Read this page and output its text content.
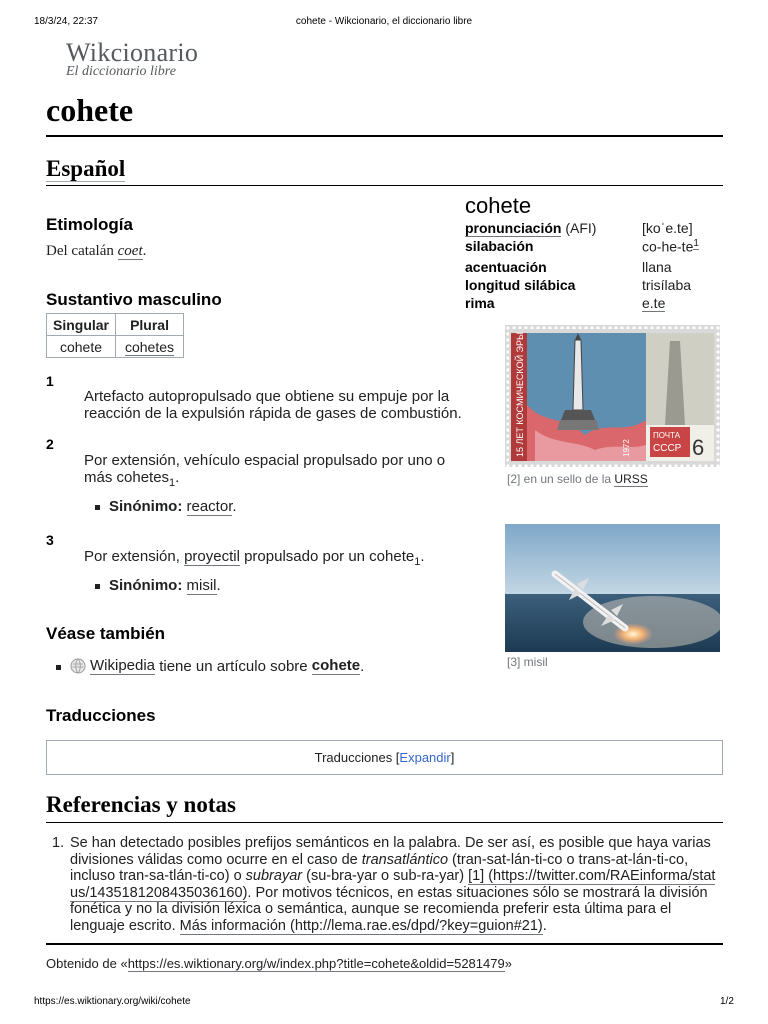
18/3/24, 22:37	cohete - Wikcionario, el diccionario libre
Wikcionario
El diccionario libre
cohete
Español
Etimología
Del catalán coet.
Sustantivo masculino
Singular	Plural
cohete	cohetes
1
Artefacto autopropulsado que obtiene su empuje por la reacción de la expulsión rápida de gases de combustión.
2
Por extensión, vehículo espacial propulsado por uno o más cohetes$_1$.
Sinónimo: reactor.
3
Por extensión, proyectil propulsado por un cohete$_1$.
Sinónimo: misil.
Véase también
Wikipedia tiene un artículo sobre cohete .
Traducciones
Traducciones [Expandir]
cohete
pronunciación (AFI)	[koˈe.te]
silabación	$co-he-te^1$
acentuación	llana
longitud silábica	trisílaba
rima	e.te
ПОЧТА
СССР 6
15 ЛЕТ КОСМИЧЕСКОЙ ЭРЫ	1972
[2] en un sello de la URSS
[3] misil
Referencias y notas
1. Se han detectado posibles prefijos semánticos en la palabra. De ser así, es posible que haya varias divisiones válidas como ocurre en el caso de transatlántico (tran-sat-lán-ti-co o trans-at-lán-ti-co, incluso tran-sa-tlán-ti-co) o subrayar (su-bra-yar o sub-ra-yar) [1] (https://twitter.com/RAEinforma/status/1435181208435036160). Por motivos técnicos, en estas situaciones sólo se mostrará la división fonética y no la división léxica o semántica, aunque se recomienda preferir esta última para el lenguaje escrito. Más información (http://lema.rae.es/dpd/?key=guion#21).
Obtenido de «https://es.wiktionary.org/w/index.php?title=cohete&oldid=5281479»
https://es.wiktionary.org/wiki/cohete	1/2
